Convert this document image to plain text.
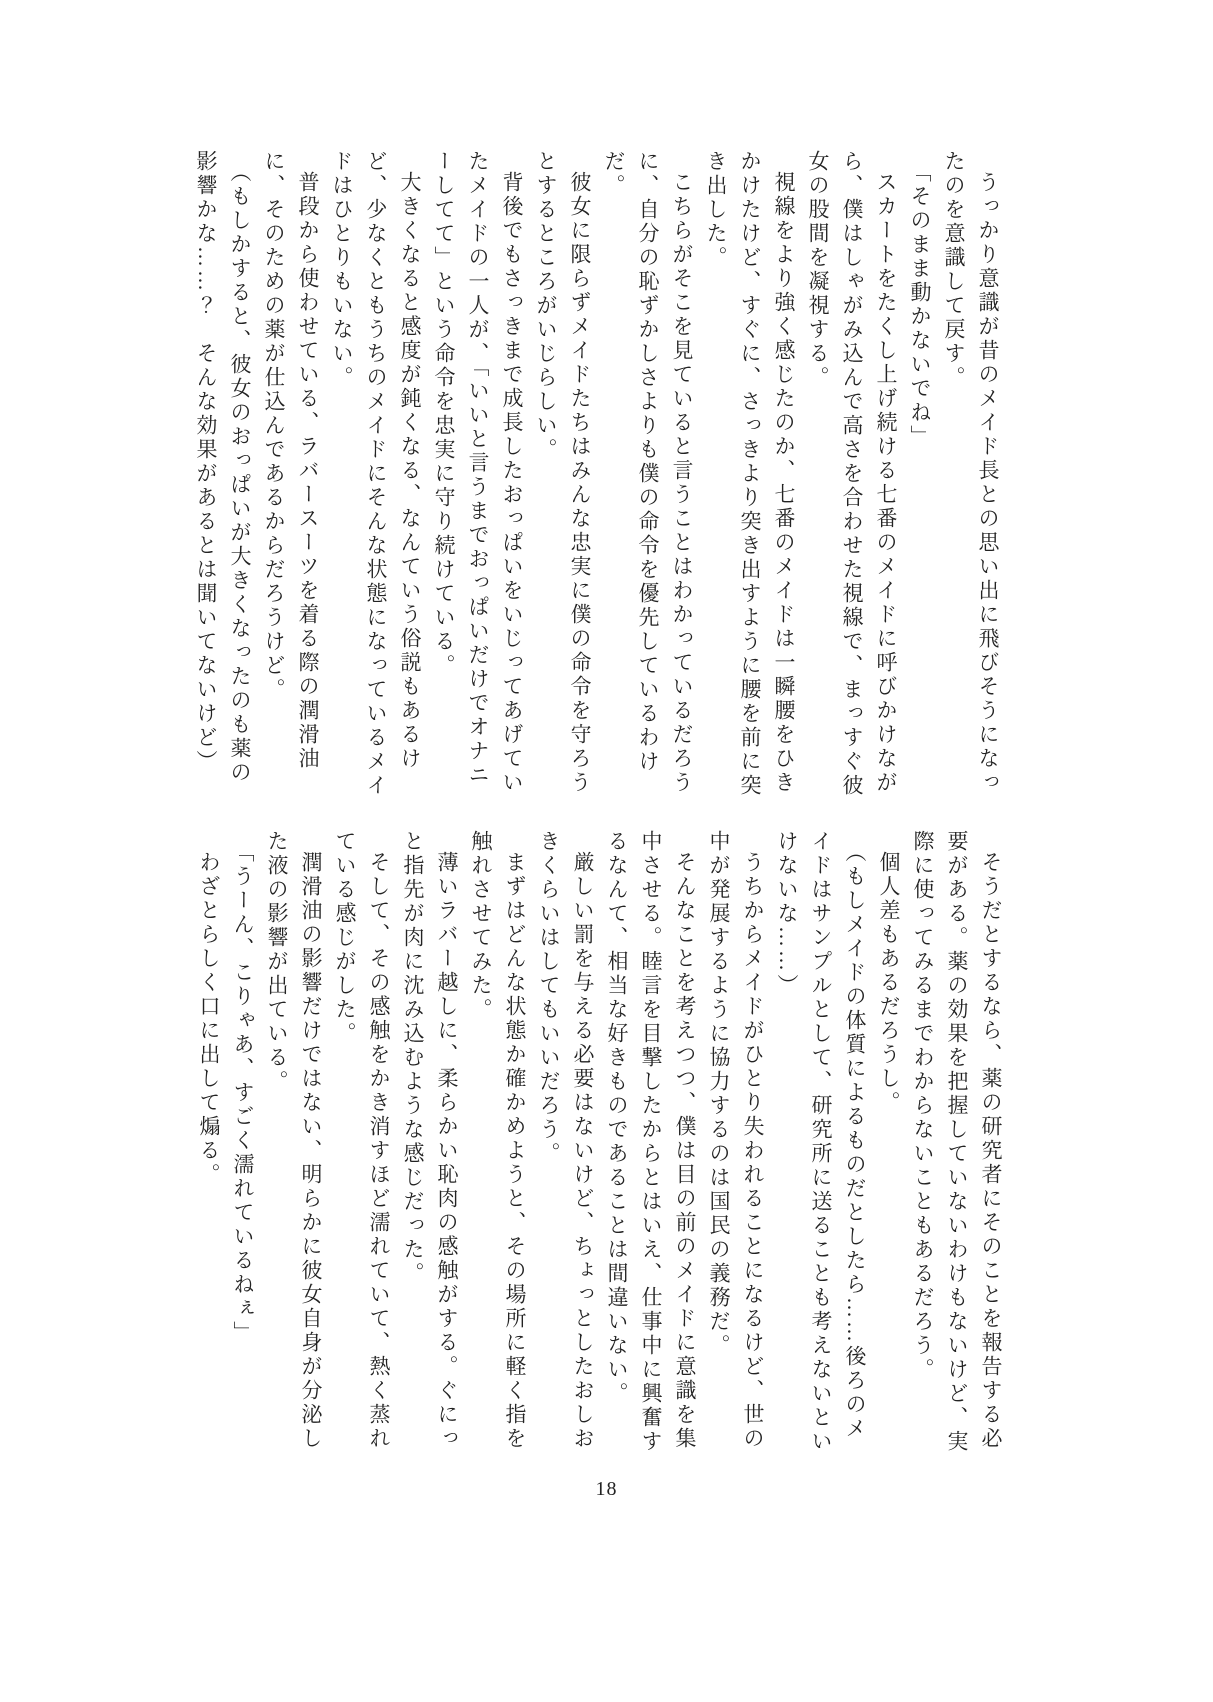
うっかり意識が昔のメイド長との思い出に飛びそうになったのを意識して戻す。

「そのまま動かないでね」

スカートをたくし上げ続ける七番のメイドに呼びかけながら、僕はしゃがみ込んで高さを合わせた視線で、まっすぐ彼女の股間を凝視する。

視線をより強く感じたのか、七番のメイドは一瞬腰をひきかけたけど、すぐに、さっきより突き出すように腰を前に突き出した。

こちらがそこを見ていると言うことはわかっているだろうに、自分の恥ずかしさよりも僕の命令を優先しているわけだ。

彼女に限らずメイドたちはみんな忠実に僕の命令を守ろうとするところがいじらしい。

背後でもさっきまで成長したおっぱいをいじってあげていたメイドの一人が、「いいと言うまでおっぱいだけでオナニーしてて」という命令を忠実に守り続けている。

大きくなると感度が鈍くなる、なんていう俗説もあるけど、少なくともうちのメイドにそんな状態になっているメイドはひとりもいない。

普段から使わせている、ラバースーツを着る際の潤滑油に、そのための薬が仕込んであるからだろうけど。

（もしかすると、彼女のおっぱいが大きくなったのも薬の影響かな……？　そんな効果があるとは聞いてないけど）

そうだとするなら、薬の研究者にそのことを報告する必要がある。薬の効果を把握していないわけもないけど、実際に使ってみるまでわからないこともあるだろう。

個人差もあるだろうし。

（もしメイドの体質によるものだとしたら……後ろのメイドはサンプルとして、研究所に送ることも考えないといけないな……）

うちからメイドがひとり失われることになるけど、世の中が発展するように協力するのは国民の義務だ。

そんなことを考えつつ、僕は目の前のメイドに意識を集中させる。睦言を目撃したからとはいえ、仕事中に興奮するなんて、相当な好きものであることは間違いない。

厳しい罰を与える必要はないけど、ちょっとしたおしおきくらいはしてもいいだろう。

まずはどんな状態か確かめようと、その場所に軽く指を触れさせてみた。

薄いラバー越しに、柔らかい恥肉の感触がする。ぐにっと指先が肉に沈み込むような感じだった。

そして、その感触をかき消すほど濡れていて、熱く蒸れている感じがした。

潤滑油の影響だけではない、明らかに彼女自身が分泌した液の影響が出ている。

「うーん、こりゃあ、すごく濡れているねぇ」

わざとらしく口に出して煽る。

18
